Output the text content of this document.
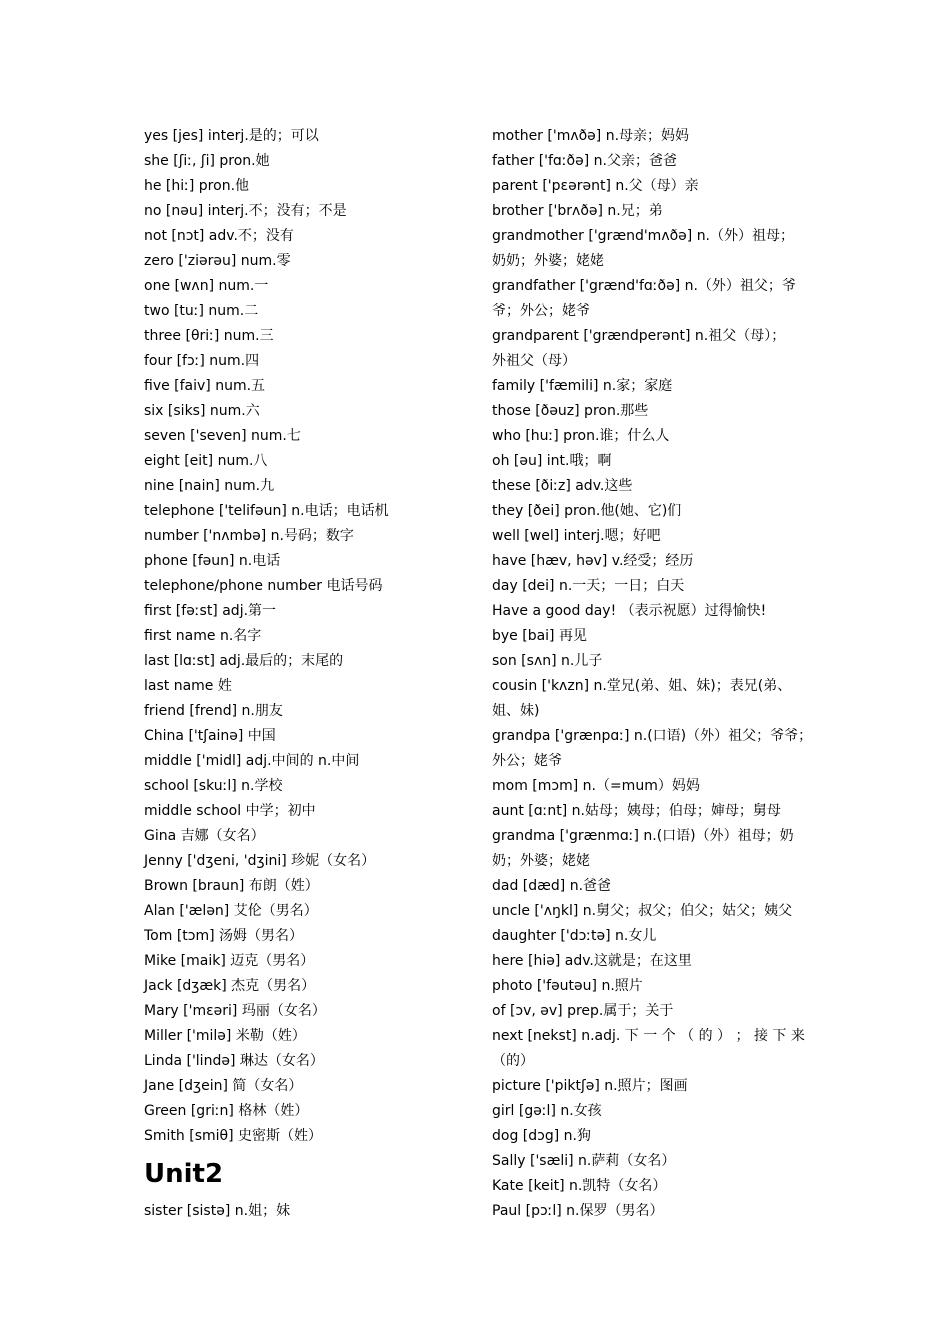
yes [jes] interj.是的；可以
she [ʃiː, ʃi] pron.她
he [hiː] pron.他
no [nəu] interj.不；没有；不是
not [nɔt] adv.不；没有
zero ['ziərəu] num.零
one [wʌn] num.一
two [tuː] num.二
three [θriː] num.三
four [fɔː] num.四
five [faiv] num.五
six [siks] num.六
seven ['seven] num.七
eight [eit] num.八
nine [nain] num.九
telephone ['telifəun] n.电话；电话机
number ['nʌmbə] n.号码；数字
phone [fəun] n.电话
telephone/phone number 电话号码
first [fəːst] adj.第一
first name n.名字
last [lɑːst] adj.最后的；末尾的
last name 姓
friend [frend] n.朋友
China ['tʃainə] 中国
middle ['midl] adj.中间的 n.中间
school [skuːl] n.学校
middle school 中学；初中
Gina 吉娜（女名）
Jenny ['dʒeni, 'dʒini] 珍妮（女名）
Brown [braun] 布朗（姓）
Alan ['ælən] 艾伦（男名）
Tom [tɔm] 汤姆（男名）
Mike [maik] 迈克（男名）
Jack [dʒæk] 杰克（男名）
Mary ['mεəri] 玛丽（女名）
Miller ['milə] 米勒（姓）
Linda ['lində] 琳达（女名）
Jane [dʒein] 简（女名）
Green [griːn] 格林（姓）
Smith [smiθ] 史密斯（姓）
Unit2
sister [sistə] n.姐；妹
mother ['mʌðə] n.母亲；妈妈
father ['fɑːðə] n.父亲；爸爸
parent ['pεərənt] n.父（母）亲
brother ['brʌðə] n.兄；弟
grandmother ['grænd'mʌðə] n.（外）祖母；
奶奶；外婆；姥姥
grandfather ['grænd'fɑːðə] n.（外）祖父；爷
爷；外公；姥爷
grandparent ['grændperənt] n.祖父（母）；
外祖父（母）
family ['fæmili] n.家；家庭
those [ðəuz] pron.那些
who [huː] pron.谁；什么人
oh [əu] int.哦；啊
these [ðiːz] adv.这些
they [ðei] pron.他(她、它)们
well [wel] interj.嗯；好吧
have [hæv, həv] v.经受；经历
day [dei] n.一天；一日；白天
Have a good day! （表示祝愿）过得愉快!
bye [bai] 再见
son [sʌn] n.儿子
cousin ['kʌzn] n.堂兄(弟、姐、妹)；表兄(弟、
姐、妹)
grandpa ['grænpɑː] n.(口语)（外）祖父；爷爷；
外公；姥爷
mom [mɔm] n.（=mum）妈妈
aunt [ɑːnt] n.姑母；姨母；伯母；婶母；舅母
grandma ['grænmɑː] n.(口语)（外）祖母；奶
奶；外婆；姥姥
dad [dæd] n.爸爸
uncle ['ʌŋkl] n.舅父；叔父；伯父；姑父；姨父
daughter ['dɔːtə] n.女儿
here [hiə] adv.这就是；在这里
photo ['fəutəu] n.照片
of [ɔv, əv] prep.属于；关于
next [nekst] n.adj. 下 一 个 （ 的 ） ； 接 下 来
（的）
picture ['piktʃə] n.照片；图画
girl [gəːl] n.女孩
dog [dɔg] n.狗
Sally ['sæli] n.萨莉（女名）
Kate [keit] n.凯特（女名）
Paul [pɔːl] n.保罗（男名）
